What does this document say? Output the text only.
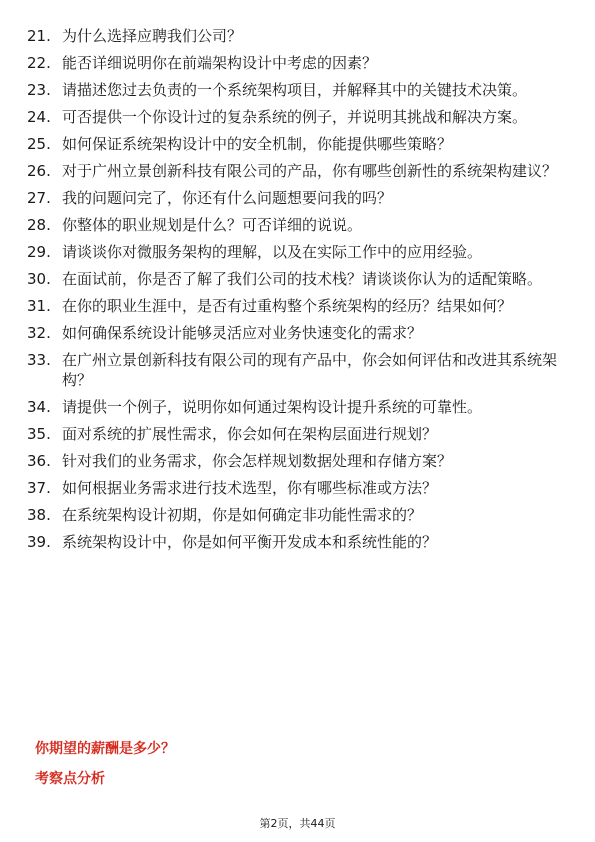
21. 为什么选择应聘我们公司？
22. 能否详细说明你在前端架构设计中考虑的因素？
23. 请描述您过去负责的一个系统架构项目，并解释其中的关键技术决策。
24. 可否提供一个你设计过的复杂系统的例子，并说明其挑战和解决方案。
25. 如何保证系统架构设计中的安全机制，你能提供哪些策略？
26. 对于广州立景创新科技有限公司的产品，你有哪些创新性的系统架构建议？
27. 我的问题问完了，你还有什么问题想要问我的吗？
28. 你整体的职业规划是什么？可否详细的说说。
29. 请谈谈你对微服务架构的理解，以及在实际工作中的应用经验。
30. 在面试前，你是否了解了我们公司的技术栈？请谈谈你认为的适配策略。
31. 在你的职业生涯中，是否有过重构整个系统架构的经历？结果如何？
32. 如何确保系统设计能够灵活应对业务快速变化的需求？
33. 在广州立景创新科技有限公司的现有产品中，你会如何评估和改进其系统架构？
34. 请提供一个例子，说明你如何通过架构设计提升系统的可靠性。
35. 面对系统的扩展性需求，你会如何在架构层面进行规划？
36. 针对我们的业务需求，你会怎样规划数据处理和存储方案？
37. 如何根据业务需求进行技术选型，你有哪些标准或方法？
38. 在系统架构设计初期，你是如何确定非功能性需求的？
39. 系统架构设计中，你是如何平衡开发成本和系统性能的？
你期望的薪酬是多少？
考察点分析
第2页，共44页
